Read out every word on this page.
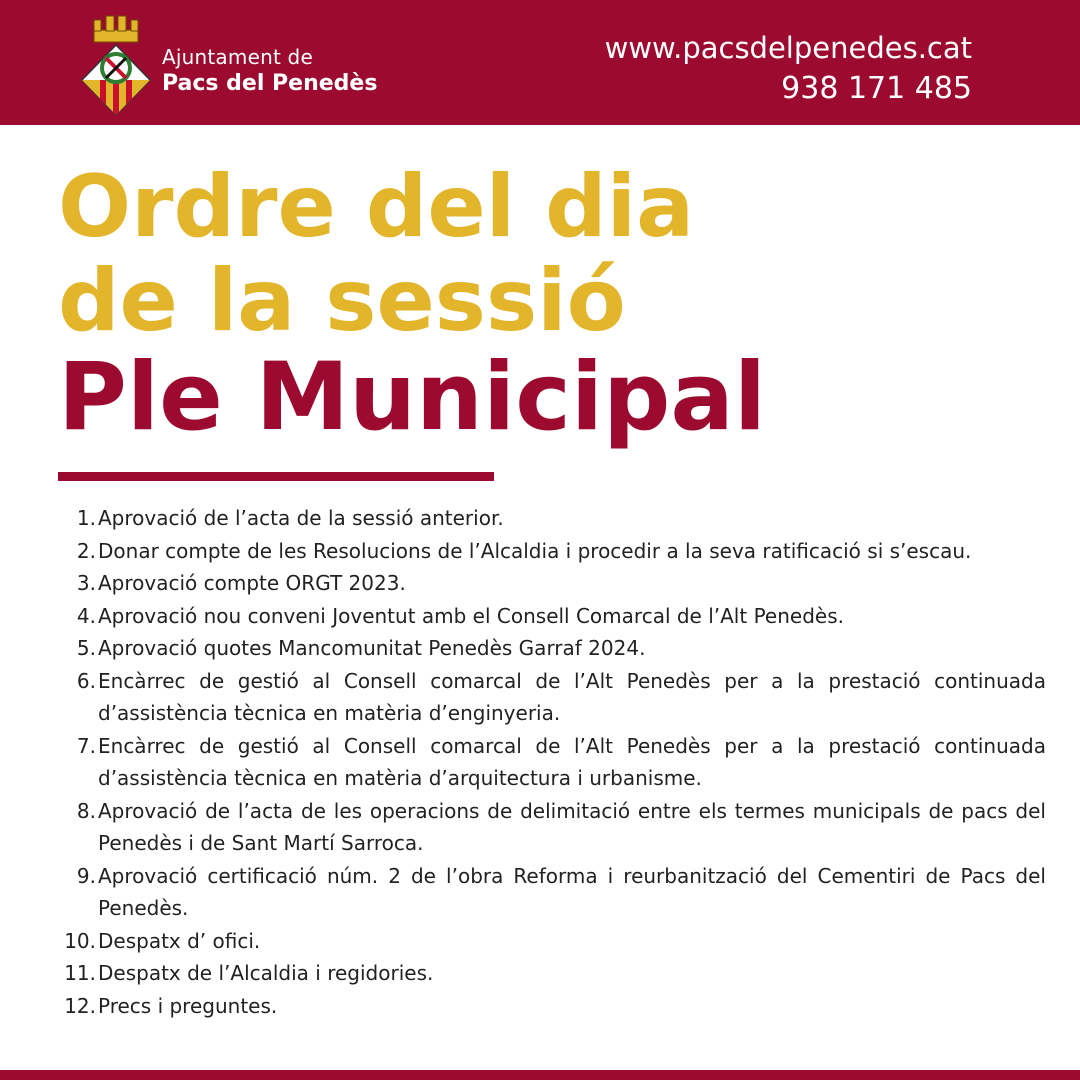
Ajuntament de
Pacs del Penedès
www.pacsdelpenedes.cat
938 171 485
Ordre del dia
de la sessió
Ple Municipal
1. Aprovació de l’acta de la sessió anterior.
2. Donar compte de les Resolucions de l’Alcaldia i procedir a la seva ratificació si s’escau.
3. Aprovació compte ORGT 2023.
4. Aprovació nou conveni Joventut amb el Consell Comarcal de l’Alt Penedès.
5. Aprovació quotes Mancomunitat Penedès Garraf 2024.
6. Encàrrec de gestió al Consell comarcal de l’Alt Penedès per a la prestació continuada d’assistència tècnica en matèria d’enginyeria.
7. Encàrrec de gestió al Consell comarcal de l’Alt Penedès per a la prestació continuada d’assistència tècnica en matèria d’arquitectura i urbanisme.
8. Aprovació de l’acta de les operacions de delimitació entre els termes municipals de pacs del Penedès i de Sant Martí Sarroca.
9. Aprovació certificació núm. 2 de l’obra Reforma i reurbanització del Cementiri de Pacs del Penedès.
10. Despatx d’ ofici.
11. Despatx de l’Alcaldia i regidories.
12. Precs i preguntes.
